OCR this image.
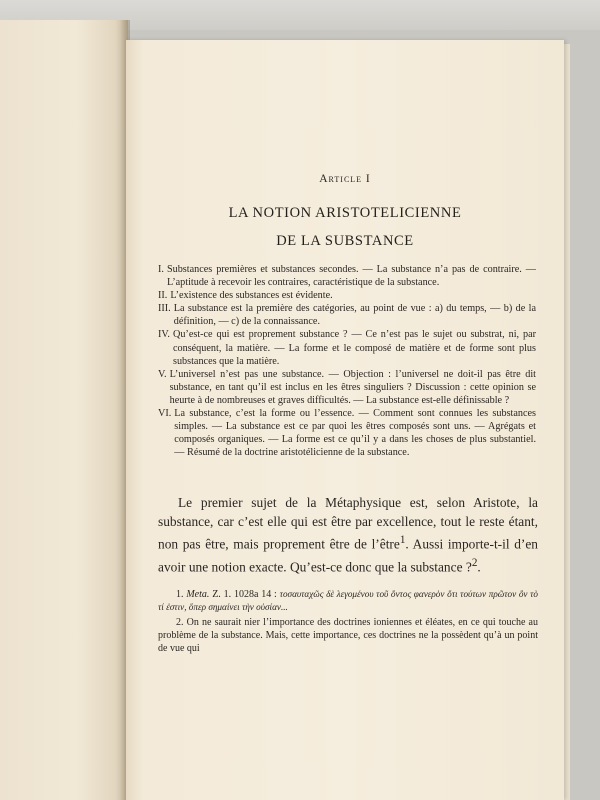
Article I
LA NOTION ARISTOTELICIENNE
DE LA SUBSTANCE

I. Substances premières et substances secondes. — La substance n’a pas de contraire. — L’aptitude à recevoir les contraires, caractéristique de la substance.

II. L’existence des substances est évidente.

III. La substance est la première des catégories, au point de vue : a) du temps, — b) de la définition, — c) de la connaissance.

IV. Qu’est-ce qui est proprement substance ? — Ce n’est pas le sujet ou substrat, ni, par conséquent, la matière. — La forme et le composé de matière et de forme sont plus substances que la matière.

V. L’universel n’est pas une substance. — Objection : l’universel ne doit-il pas être dit substance, en tant qu’il est inclus en les êtres singuliers ? Discussion : cette opinion se heurte à de nombreuses et graves difficultés. — La substance est-elle définissable ?

VI. La substance, c’est la forme ou l’essence. — Comment sont connues les substances simples. — La substance est ce par quoi les êtres composés sont uns. — Agrégats et composés organiques. — La forme est ce qu’il y a dans les choses de plus substantiel. — Résumé de la doctrine aristotélicienne de la substance.

Le premier sujet de la Métaphysique est, selon Aristote, la substance, car c’est elle qui est être par excellence, tout le reste étant, non pas être, mais proprement être de l’être$^1$. Aussi importe-t-il d’en avoir une notion exacte. Qu’est-ce donc que la substance ?$^2$.

1. Meta. Z. 1. 1028a 14 : τοσαυταχῶς δὲ λεγομένου τοῦ ὄντος φανερὸν ὅτι τούτων πρῶτον ὂν τὸ τί ἐστιν, ὅπερ σημαίνει τὴν οὐσίαν...

2. On ne saurait nier l’importance des doctrines ioniennes et éléates, en ce qui touche au problème de la substance. Mais, cette importance, ces doctrines ne la possèdent qu’à un point de vue qui
